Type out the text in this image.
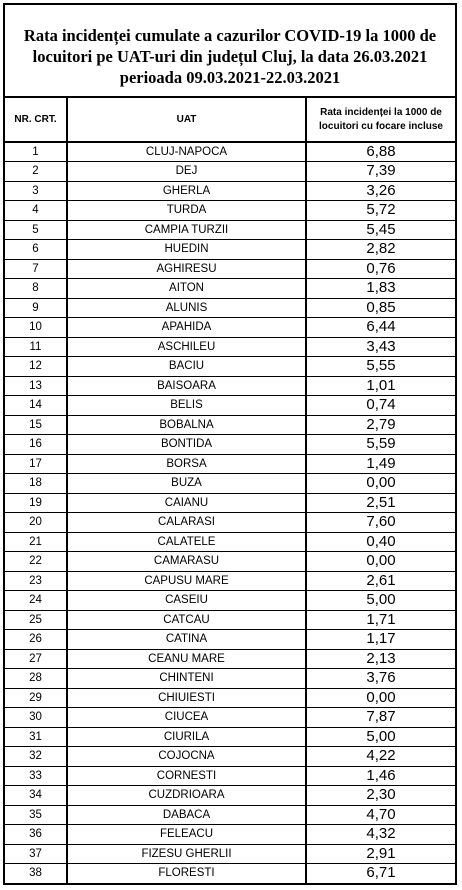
Rata incidenței cumulate a cazurilor COVID-19 la 1000 de
locuitori pe UAT-uri din județul Cluj, la data 26.03.2021
perioada 09.03.2021-22.03.2021
NR. CRT.	UAT	Rata incidenței la 1000 de
locuitori cu focare incluse

1	CLUJ-NAPOCA	6,88
2	DEJ	7,39
3	GHERLA	3,26
4	TURDA	5,72
5	CAMPIA TURZII	5,45
6	HUEDIN	2,82
7	AGHIRESU	0,76
8	AITON	1,83
9	ALUNIS	0,85
10	APAHIDA	6,44
11	ASCHILEU	3,43
12	BACIU	5,55
13	BAISOARA	1,01
14	BELIS	0,74
15	BOBALNA	2,79
16	BONTIDA	5,59
17	BORSA	1,49
18	BUZA	0,00
19	CAIANU	2,51
20	CALARASI	7,60
21	CALATELE	0,40
22	CAMARASU	0,00
23	CAPUSU MARE	2,61
24	CASEIU	5,00
25	CATCAU	1,71
26	CATINA	1,17
27	CEANU MARE	2,13
28	CHINTENI	3,76
29	CHIUIESTI	0,00
30	CIUCEA	7,87
31	CIURILA	5,00
32	COJOCNA	4,22
33	CORNESTI	1,46
34	CUZDRIOARA	2,30
35	DABACA	4,70
36	FELEACU	4,32
37	FIZESU GHERLII	2,91
38	FLORESTI	6,71
